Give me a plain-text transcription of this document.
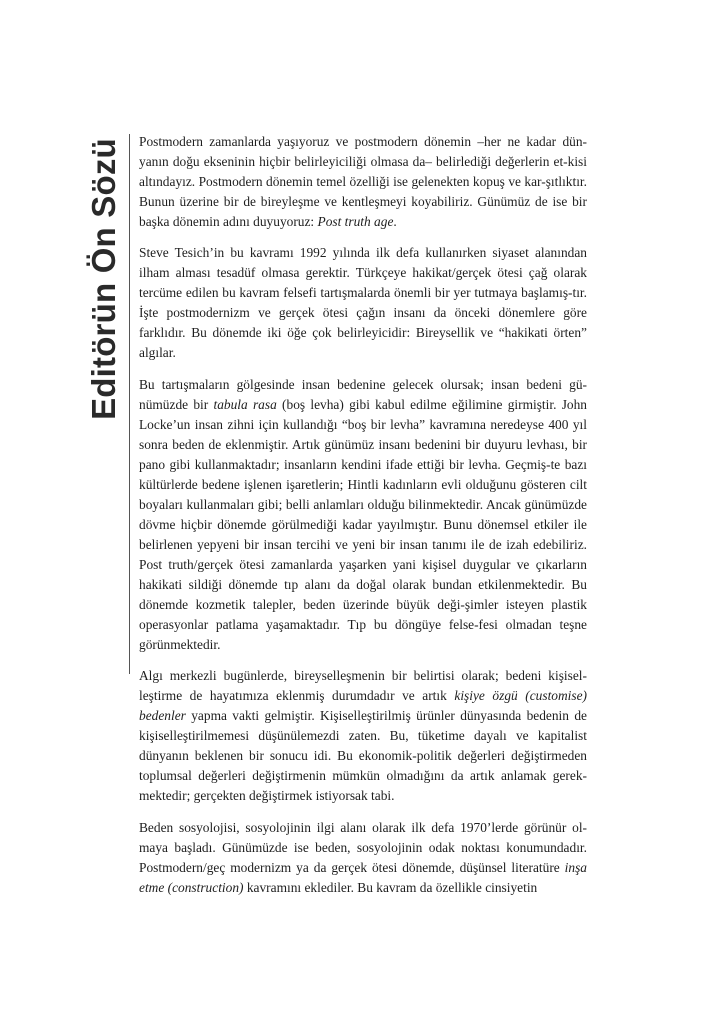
Editörün Ön Sözü Postmodern zamanlarda yaşıyoruz ve postmodern dönemin –her ne kadar dün-yanın doğu ekseninin hiçbir belirleyiciliği olmasa da– belirlediği değerlerin et-kisi altındayız. Postmodern dönemin temel özelliği ise gelenekten kopuş ve kar-şıtlıktır. Bunun üzerine bir de bireyleşme ve kentleşmeyi koyabiliriz. Günümüz de ise bir başka dönemin adını duyuyoruz: Post truth age.

Steve Tesich’in bu kavramı 1992 yılında ilk defa kullanırken siyaset alanından ilham alması tesadüf olmasa gerektir. Türkçeye hakikat/gerçek ötesi çağ olarak tercüme edilen bu kavram felsefi tartışmalarda önemli bir yer tutmaya başlamış-tır. İşte postmodernizm ve gerçek ötesi çağın insanı da önceki dönemlere göre farklıdır. Bu dönemde iki öğe çok belirleyicidir: Bireysellik ve “hakikati örten” algılar.

Bu tartışmaların gölgesinde insan bedenine gelecek olursak; insan bedeni gü-nümüzde bir tabula rasa (boş levha) gibi kabul edilme eğilimine girmiştir. John Locke’un insan zihni için kullandığı “boş bir levha” kavramına neredeyse 400 yıl sonra beden de eklenmiştir. Artık günümüz insanı bedenini bir duyuru levhası, bir pano gibi kullanmaktadır; insanların kendini ifade ettiği bir levha. Geçmiş-te bazı kültürlerde bedene işlenen işaretlerin; Hintli kadınların evli olduğunu gösteren cilt boyaları kullanmaları gibi; belli anlamları olduğu bilinmektedir. Ancak günümüzde dövme hiçbir dönemde görülmediği kadar yayılmıştır. Bunu dönemsel etkiler ile belirlenen yepyeni bir insan tercihi ve yeni bir insan tanımı ile de izah edebiliriz. Post truth/gerçek ötesi zamanlarda yaşarken yani kişisel duygular ve çıkarların hakikati sildiği dönemde tıp alanı da doğal olarak bundan etkilenmektedir. Bu dönemde kozmetik talepler, beden üzerinde büyük deği-şimler isteyen plastik operasyonlar patlama yaşamaktadır. Tıp bu döngüye felse-fesi olmadan teşne görünmektedir.

Algı merkezli bugünlerde, bireyselleşmenin bir belirtisi olarak; bedeni kişisel-leştirme de hayatımıza eklenmiş durumdadır ve artık kişiye özgü (customise) bedenler yapma vakti gelmiştir. Kişiselleştirilmiş ürünler dünyasında bedenin de kişiselleştirilmemesi düşünülemezdi zaten. Bu, tüketime dayalı ve kapitalist dünyanın beklenen bir sonucu idi. Bu ekonomik-politik değerleri değiştirmeden toplumsal değerleri değiştirmenin mümkün olmadığını da artık anlamak gerek-mektedir; gerçekten değiştirmek istiyorsak tabi.

Beden sosyolojisi, sosyolojinin ilgi alanı olarak ilk defa 1970’lerde görünür ol-maya başladı. Günümüzde ise beden, sosyolojinin odak noktası konumundadır. Postmodern/geç modernizm ya da gerçek ötesi dönemde, düşünsel literatüre inşa etme (construction) kavramını eklediler. Bu kavram da özellikle cinsiyetin
